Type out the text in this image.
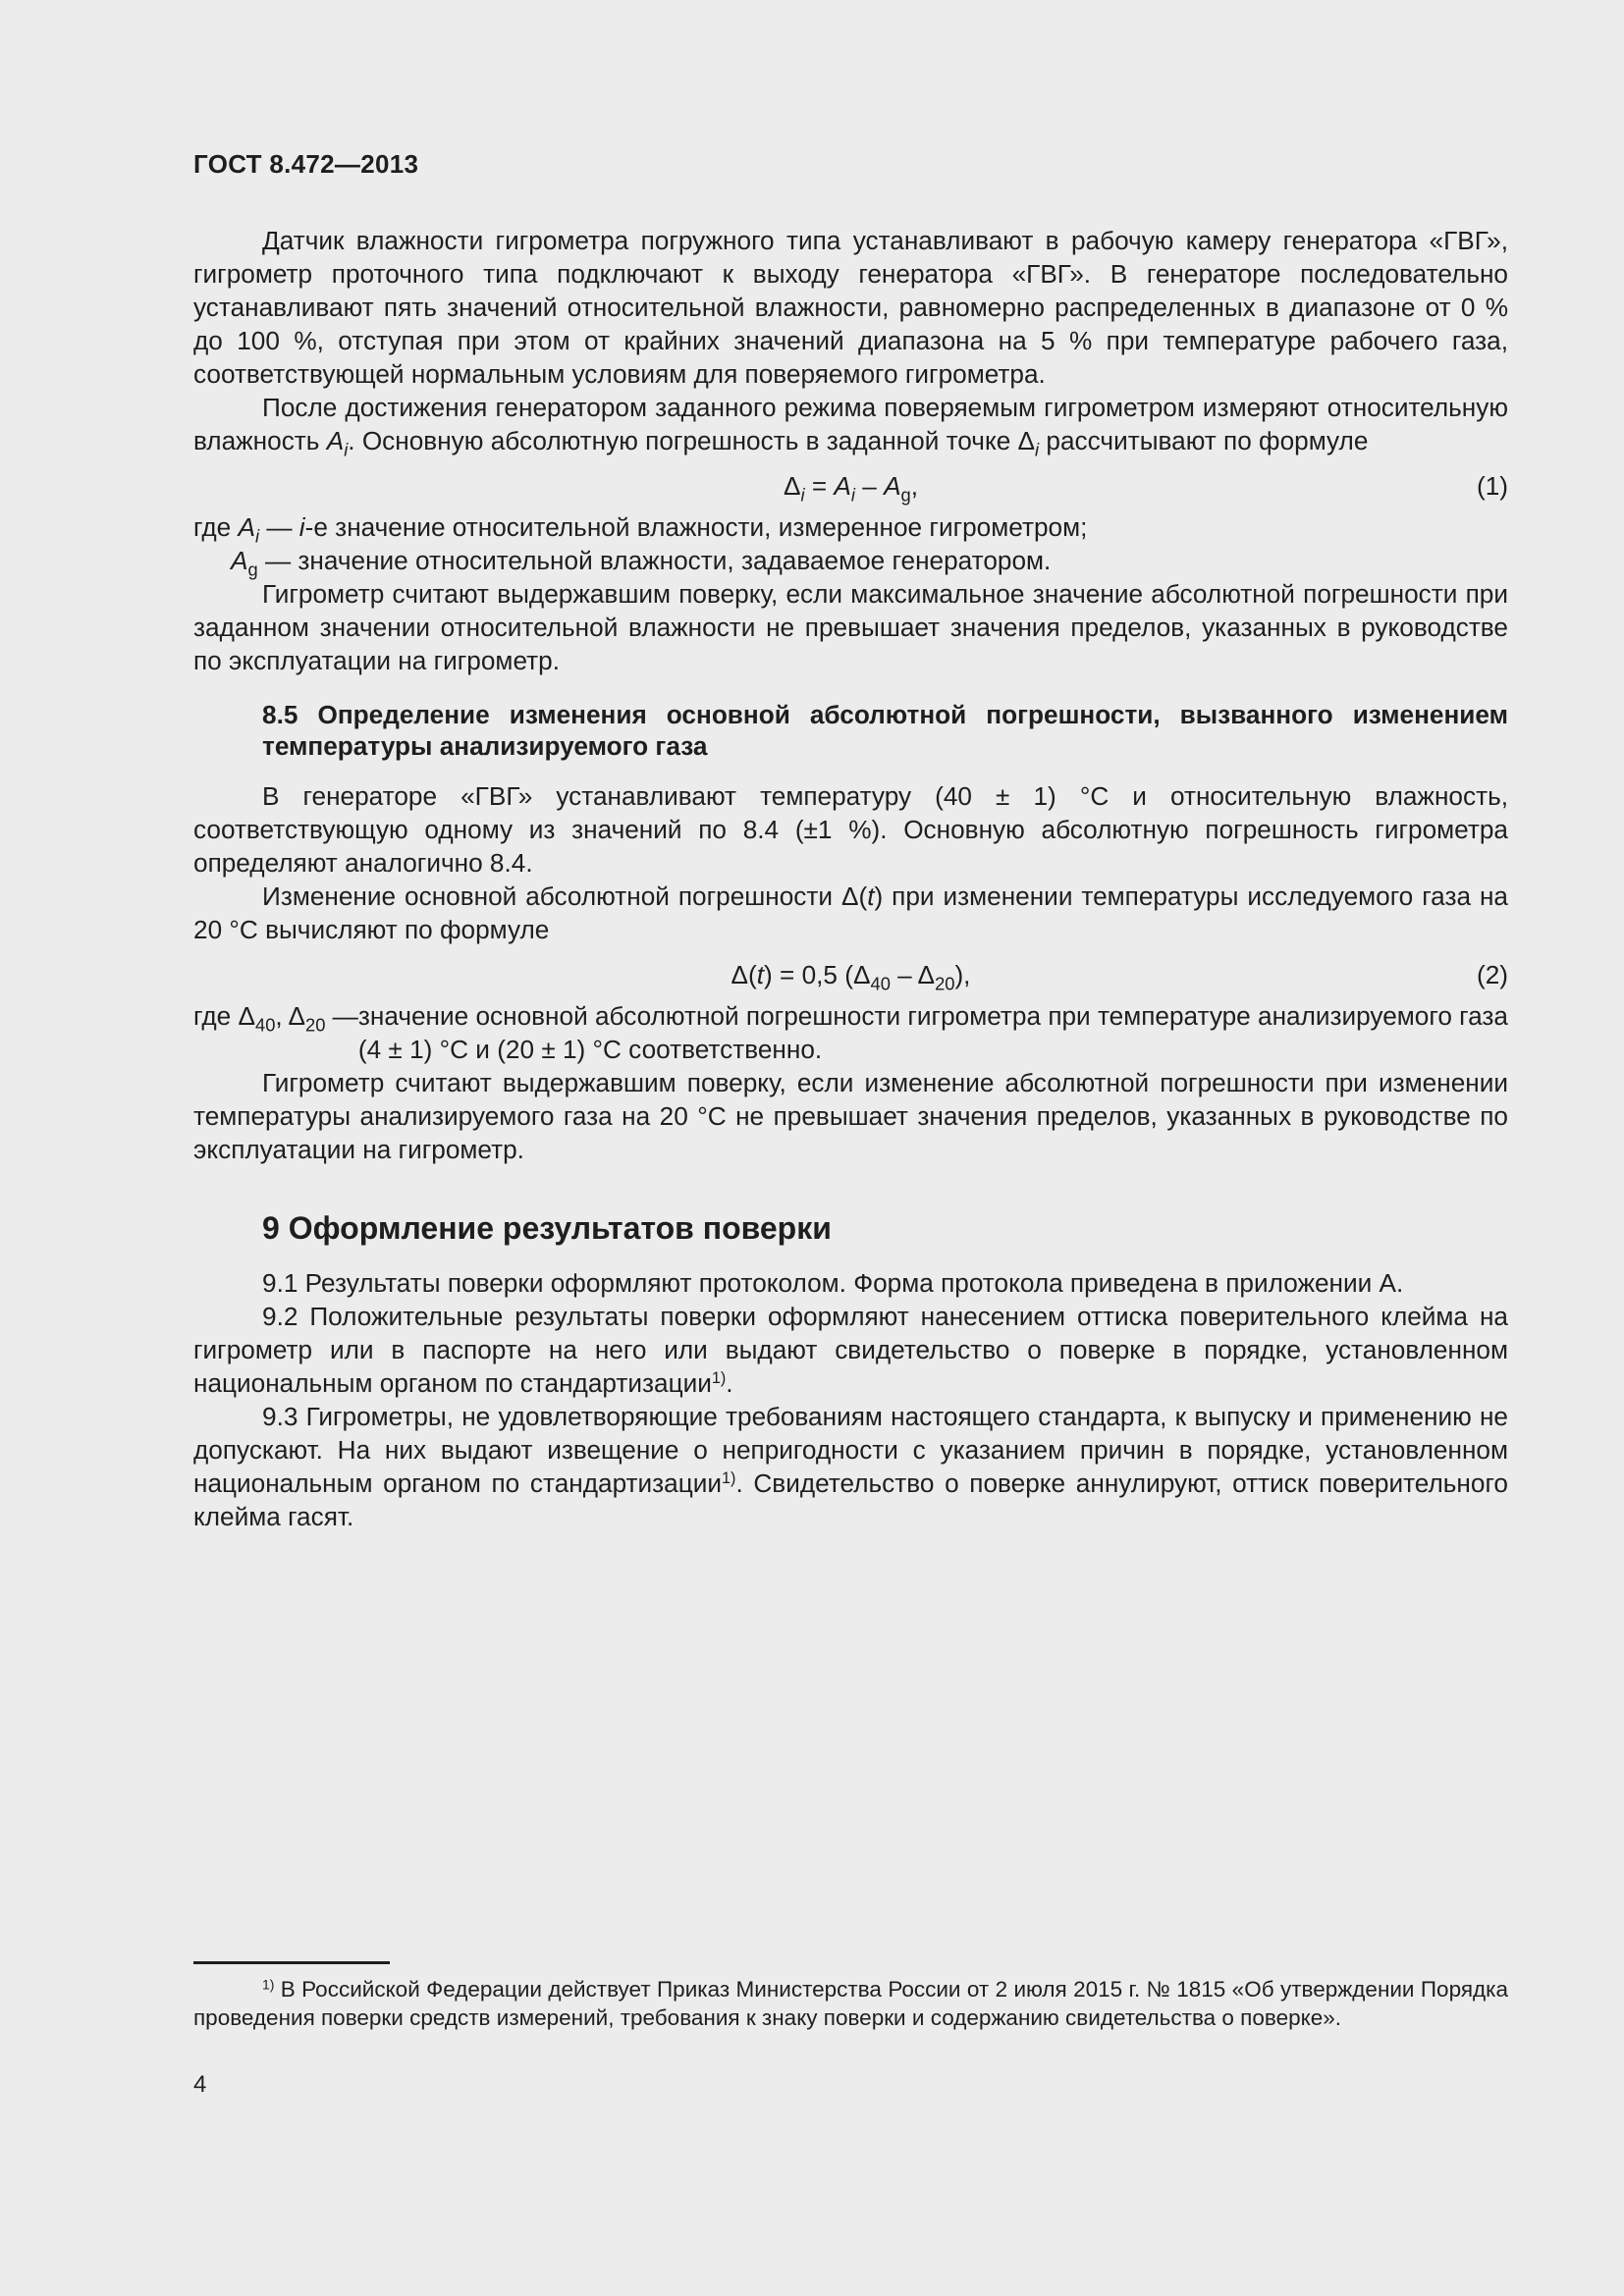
ГОСТ 8.472—2013

Датчик влажности гигрометра погружного типа устанавливают в рабочую камеру генератора «ГВГ», гигрометр проточного типа подключают к выходу генератора «ГВГ». В генераторе последовательно устанавливают пять значений относительной влажности, равномерно распределенных в диапазоне от 0 % до 100 %, отступая при этом от крайних значений диапазона на 5 % при температуре рабочего газа, соответствующей нормальным условиям для поверяемого гигрометра.

После достижения генератором заданного режима поверяемым гигрометром измеряют относительную влажность $A_i$. Основную абсолютную погрешность в заданной точке $\Delta_i$ рассчитывают по формуле

$\Delta_i = A_i - A_g$,	(1)

где $A_i$ — i-е значение относительной влажности, измеренное гигрометром;

$A_g$ — значение относительной влажности, задаваемое генератором.

Гигрометр считают выдержавшим поверку, если максимальное значение абсолютной погрешности при заданном значении относительной влажности не превышает значения пределов, указанных в руководстве по эксплуатации на гигрометр.

8.5 Определение изменения основной абсолютной погрешности, вызванного изменением температуры анализируемого газа

В генераторе «ГВГ» устанавливают температуру (40 ± 1) °С и относительную влажность, соответствующую одному из значений по 8.4 (±1 %). Основную абсолютную погрешность гигрометра определяют аналогично 8.4.

Изменение основной абсолютной погрешности Δ(t) при изменении температуры исследуемого газа на 20 °С вычисляют по формуле

Δ(t) = 0,5 $(\Delta_{40} - \Delta_{20})$,	(2)
где $\Delta_{40}$, $\Delta_{20}$ — значение основной абсолютной погрешности гигрометра при температуре анализируемого газа (4 ± 1) °С и (20 ± 1) °С соответственно.

Гигрометр считают выдержавшим поверку, если изменение абсолютной погрешности при изменении температуры анализируемого газа на 20 °С не превышает значения пределов, указанных в руководстве по эксплуатации на гигрометр.

9 Оформление результатов поверки

9.1 Результаты поверки оформляют протоколом. Форма протокола приведена в приложении А.

9.2 Положительные результаты поверки оформляют нанесением оттиска поверительного клейма на гигрометр или в паспорте на него или выдают свидетельство о поверке в порядке, установленном национальным органом по стандартизации$^{1)}$.

9.3 Гигрометры, не удовлетворяющие требованиям настоящего стандарта, к выпуску и применению не допускают. На них выдают извещение о непригодности с указанием причин в порядке, установленном национальным органом по стандартизации$^{1)}$. Свидетельство о поверке аннулируют, оттиск поверительного клейма гасят.

$^{1)}$ В Российской Федерации действует Приказ Министерства России от 2 июля 2015 г. № 1815 «Об утверждении Порядка проведения поверки средств измерений, требования к знаку поверки и содержанию свидетельства о поверке».

4
